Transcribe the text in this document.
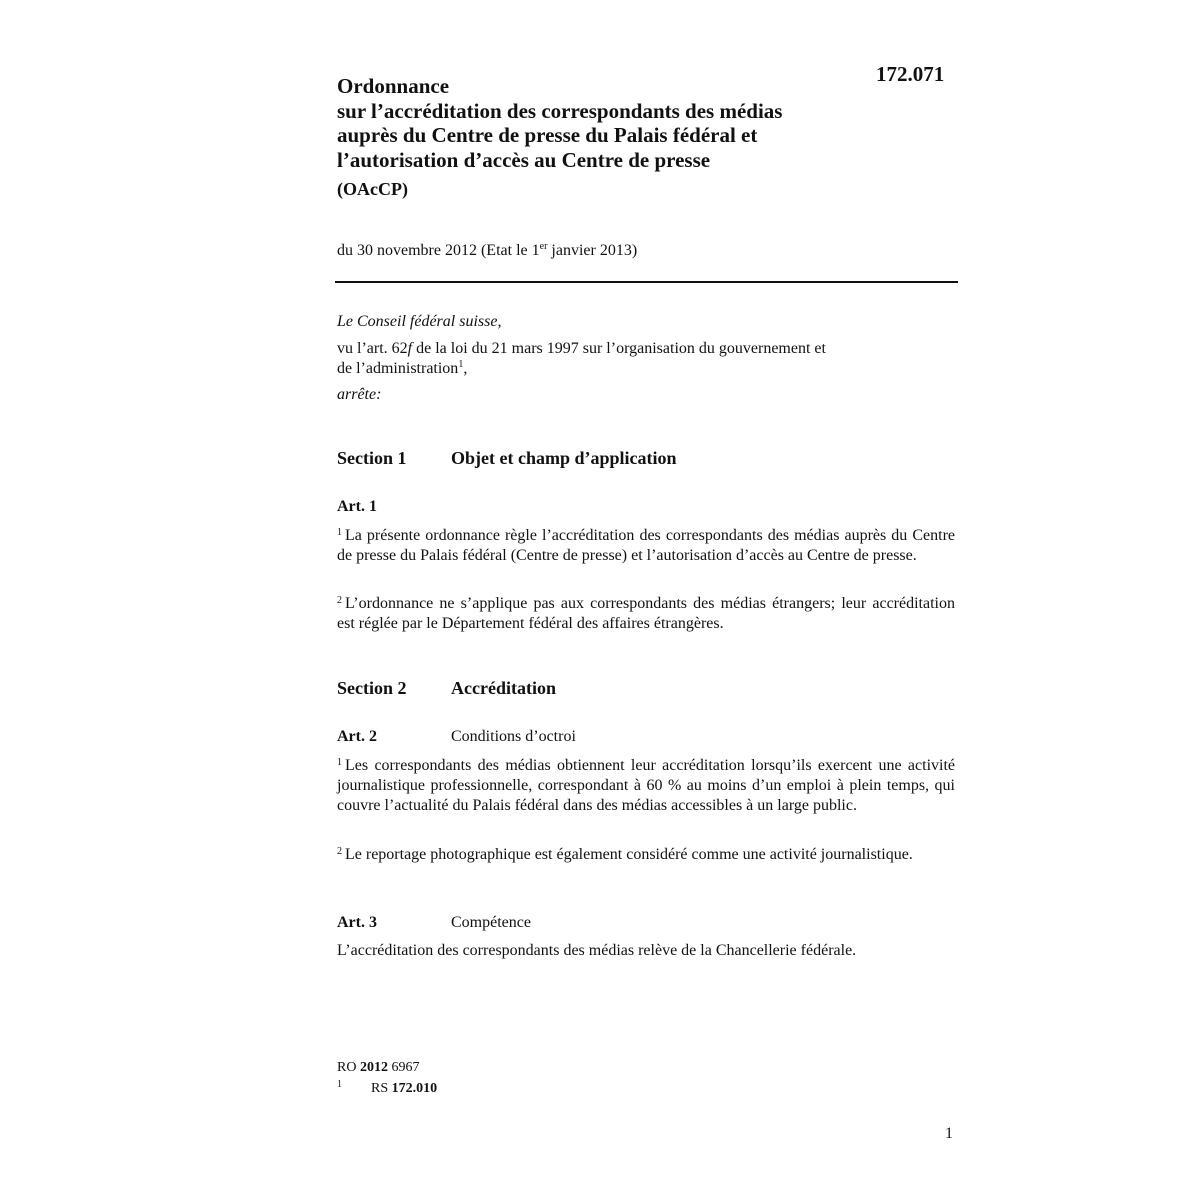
172.071
Ordonnance
sur l’accréditation des correspondants des médias
auprès du Centre de presse du Palais fédéral et
l’autorisation d’accès au Centre de presse
(OAcCP)
du 30 novembre 2012 (Etat le 1er janvier 2013)
Le Conseil fédéral suisse,
vu l’art. 62f de la loi du 21 mars 1997 sur l’organisation du gouvernement et
de l’administration$^1$,
arrête:
Section 1 Objet et champ d’application
Art. 1
$^1$ La présente ordonnance règle l’accréditation des correspondants des médias auprès du Centre de presse du Palais fédéral (Centre de presse) et l’autorisation d’accès au Centre de presse.
$^2$ L’ordonnance ne s’applique pas aux correspondants des médias étrangers; leur accréditation est réglée par le Département fédéral des affaires étrangères.
Section 2 Accréditation
Art. 2	Conditions d’octroi
$^1$ Les correspondants des médias obtiennent leur accréditation lorsqu’ils exercent une activité journalistique professionnelle, correspondant à 60 % au moins d’un emploi à plein temps, qui couvre l’actualité du Palais fédéral dans des médias accessibles à un large public.
$^2$ Le reportage photographique est également considéré comme une activité journalistique.
Art. 3	Compétence
L’accréditation des correspondants des médias relève de la Chancellerie fédérale.
RO 2012 6967
1 RS 172.010
1
